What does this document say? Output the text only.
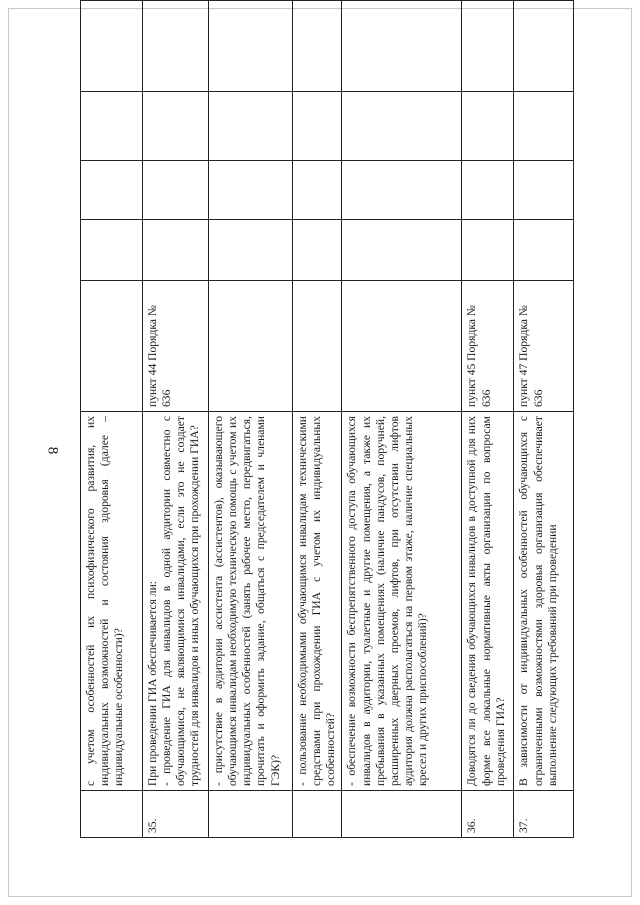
8
	с учетом особенностей их психофизического развития, их индивидуальных возможностей и состояния здоровья (далее – индивидуальные особенности)?					
35.	При проведении ГИА обеспечивается ли:
- проведение ГИА для инвалидов в одной аудитории совместно с обучающимися, не являющимися инвалидами, если это не создает трудностей для инвалидов и иных обучающихся при прохождении ГИА?	пункт 44 Порядка № 636				
	- присутствие в аудитории ассистента (ассистентов), оказывающего обучающимся инвалидам необходимую техническую помощь с учетом их индивидуальных особенностей (занять рабочее место, передвигаться, прочитать и оформить задание, общаться с председателем и членами ГЭК)?					
	- пользование необходимыми обучающимся инвалидам техническими средствами при прохождении ГИА с учетом их индивидуальных особенностей?					
	- обеспечение возможности беспрепятственного доступа обучающихся инвалидов в аудитории, туалетные и другие помещения, а также их пребывания в указанных помещениях (наличие пандусов, поручней, расширенных дверных проемов, лифтов, при отсутствии лифтов аудитория должна располагаться на первом этаже, наличие специальных кресел и других приспособлений)?					
36.	Доводятся ли до сведения обучающихся инвалидов в доступной для них форме все локальные нормативные акты организации по вопросам проведения ГИА?	пункт 45 Порядка № 636				
37.	В зависимости от индивидуальных особенностей обучающихся с ограниченными возможностями здоровья организация обеспечивает выполнение следующих требований при проведении	пункт 47 Порядка № 636				
